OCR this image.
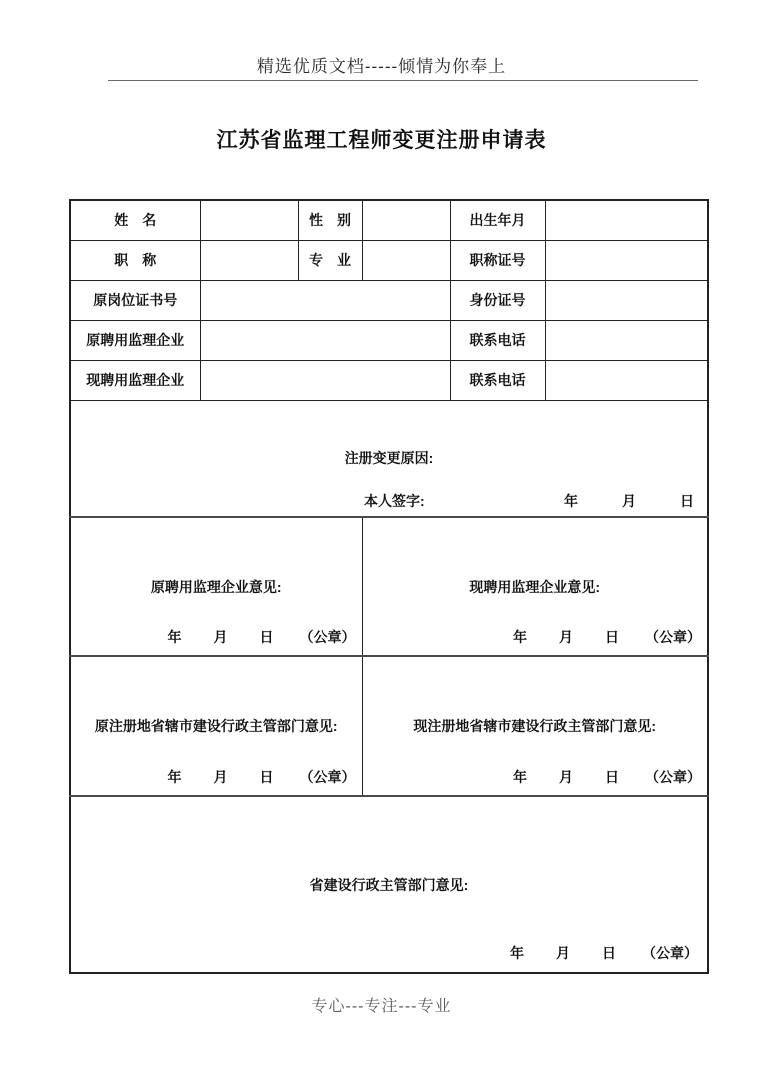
精选优质文档-----倾情为你奉上
江苏省监理工程师变更注册申请表
姓　名		性　别		出生年月	
职　称		专　业		职称证号	
原岗位证书号				身份证号	
原聘用监理企业				联系电话	
现聘用监理企业				联系电话	

注册变更原因:
本人签字: 年 月 日					

原聘用监理企业意见:
年 月 日 （公章）

现聘用监理企业意见:
年 月 日 （公章）

原注册地省辖市建设行政主管部门意见:
年 月 日 （公章）

现注册地省辖市建设行政主管部门意见:
年 月 日 （公章）

省建设行政主管部门意见:
年 月 日 （公章）					
专心---专注---专业
